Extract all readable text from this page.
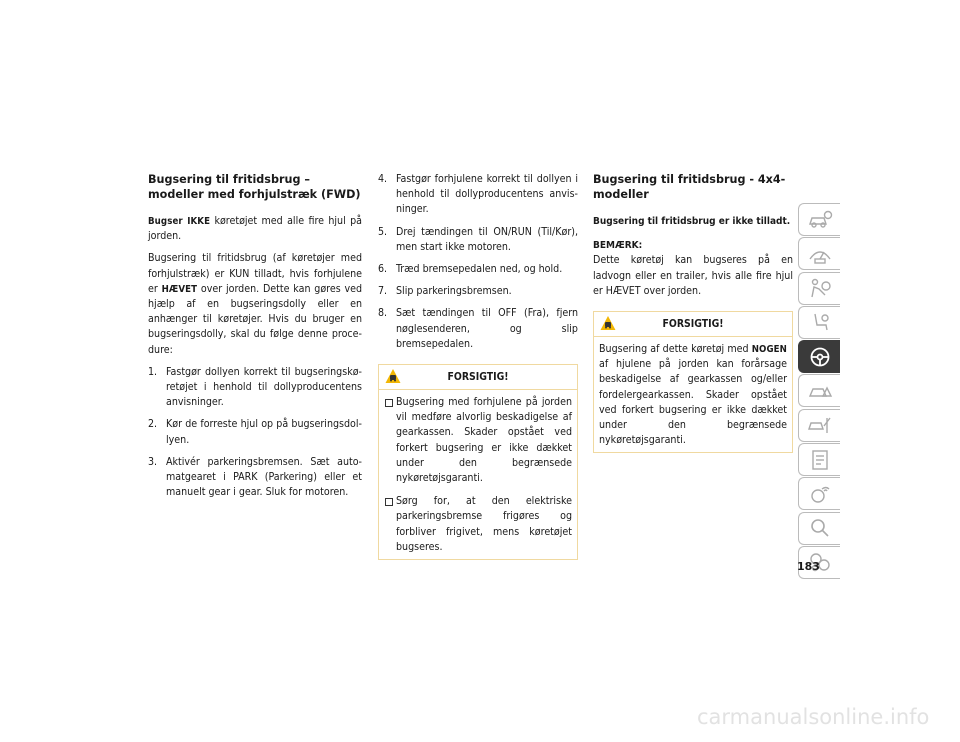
Bugsering til fritidsbrug – modeller med forhjulstræk (FWD)

Bugser IKKE køretøjet med alle fire hjul på jorden.

Bugsering til fritidsbrug (af køretøjer med forhjulstræk) er KUN tilladt, hvis forhjulene er HÆVET over jorden. Dette kan gøres ved hjælp af en bugseringsdolly eller en anhænger til køretøjer. Hvis du bruger en bugseringsdolly, skal du følge denne procedure:

1. Fastgør dollyen korrekt til bugseringskøretøjet i henhold til dollyproducentens anvisninger.
2. Kør de forreste hjul op på bugseringsdollyen.
3. Aktivér parkeringsbremsen. Sæt automatgearet i PARK (Parkering) eller et manuelt gear i gear. Sluk for motoren.
4. Fastgør forhjulene korrekt til dollyen i henhold til dollyproducentens anvisninger.
5. Drej tændingen til ON/RUN (Til/Kør), men start ikke motoren.
6. Træd bremsepedalen ned, og hold.
7. Slip parkeringsbremsen.
8. Sæt tændingen til OFF (Fra), fjern nøglesenderen, og slip bremsepedalen.
FORSIGTIG!
Bugsering med forhjulene på jorden vil medføre alvorlig beskadigelse af gearkassen. Skader opstået ved forkert bugsering er ikke dækket under den begrænsede nykøretøjsgaranti.
Sørg for, at den elektriske parkeringsbremse frigøres og forbliver frigivet, mens køretøjet bugseres.
Bugsering til fritidsbrug - 4x4-modeller

Bugsering til fritidsbrug er ikke tilladt.

BEMÆRK:

Dette køretøj kan bugseres på en ladvogn eller en trailer, hvis alle fire hjul er HÆVET over jorden.

FORSIGTIG!

Bugsering af dette køretøj med NOGEN af hjulene på jorden kan forårsage beskadigelse af gearkassen og/eller fordelergearkassen. Skader opstået ved forkert bugsering er ikke dækket under den begrænsede nykøretøjsgaranti.

183
carmanualsonline.info
